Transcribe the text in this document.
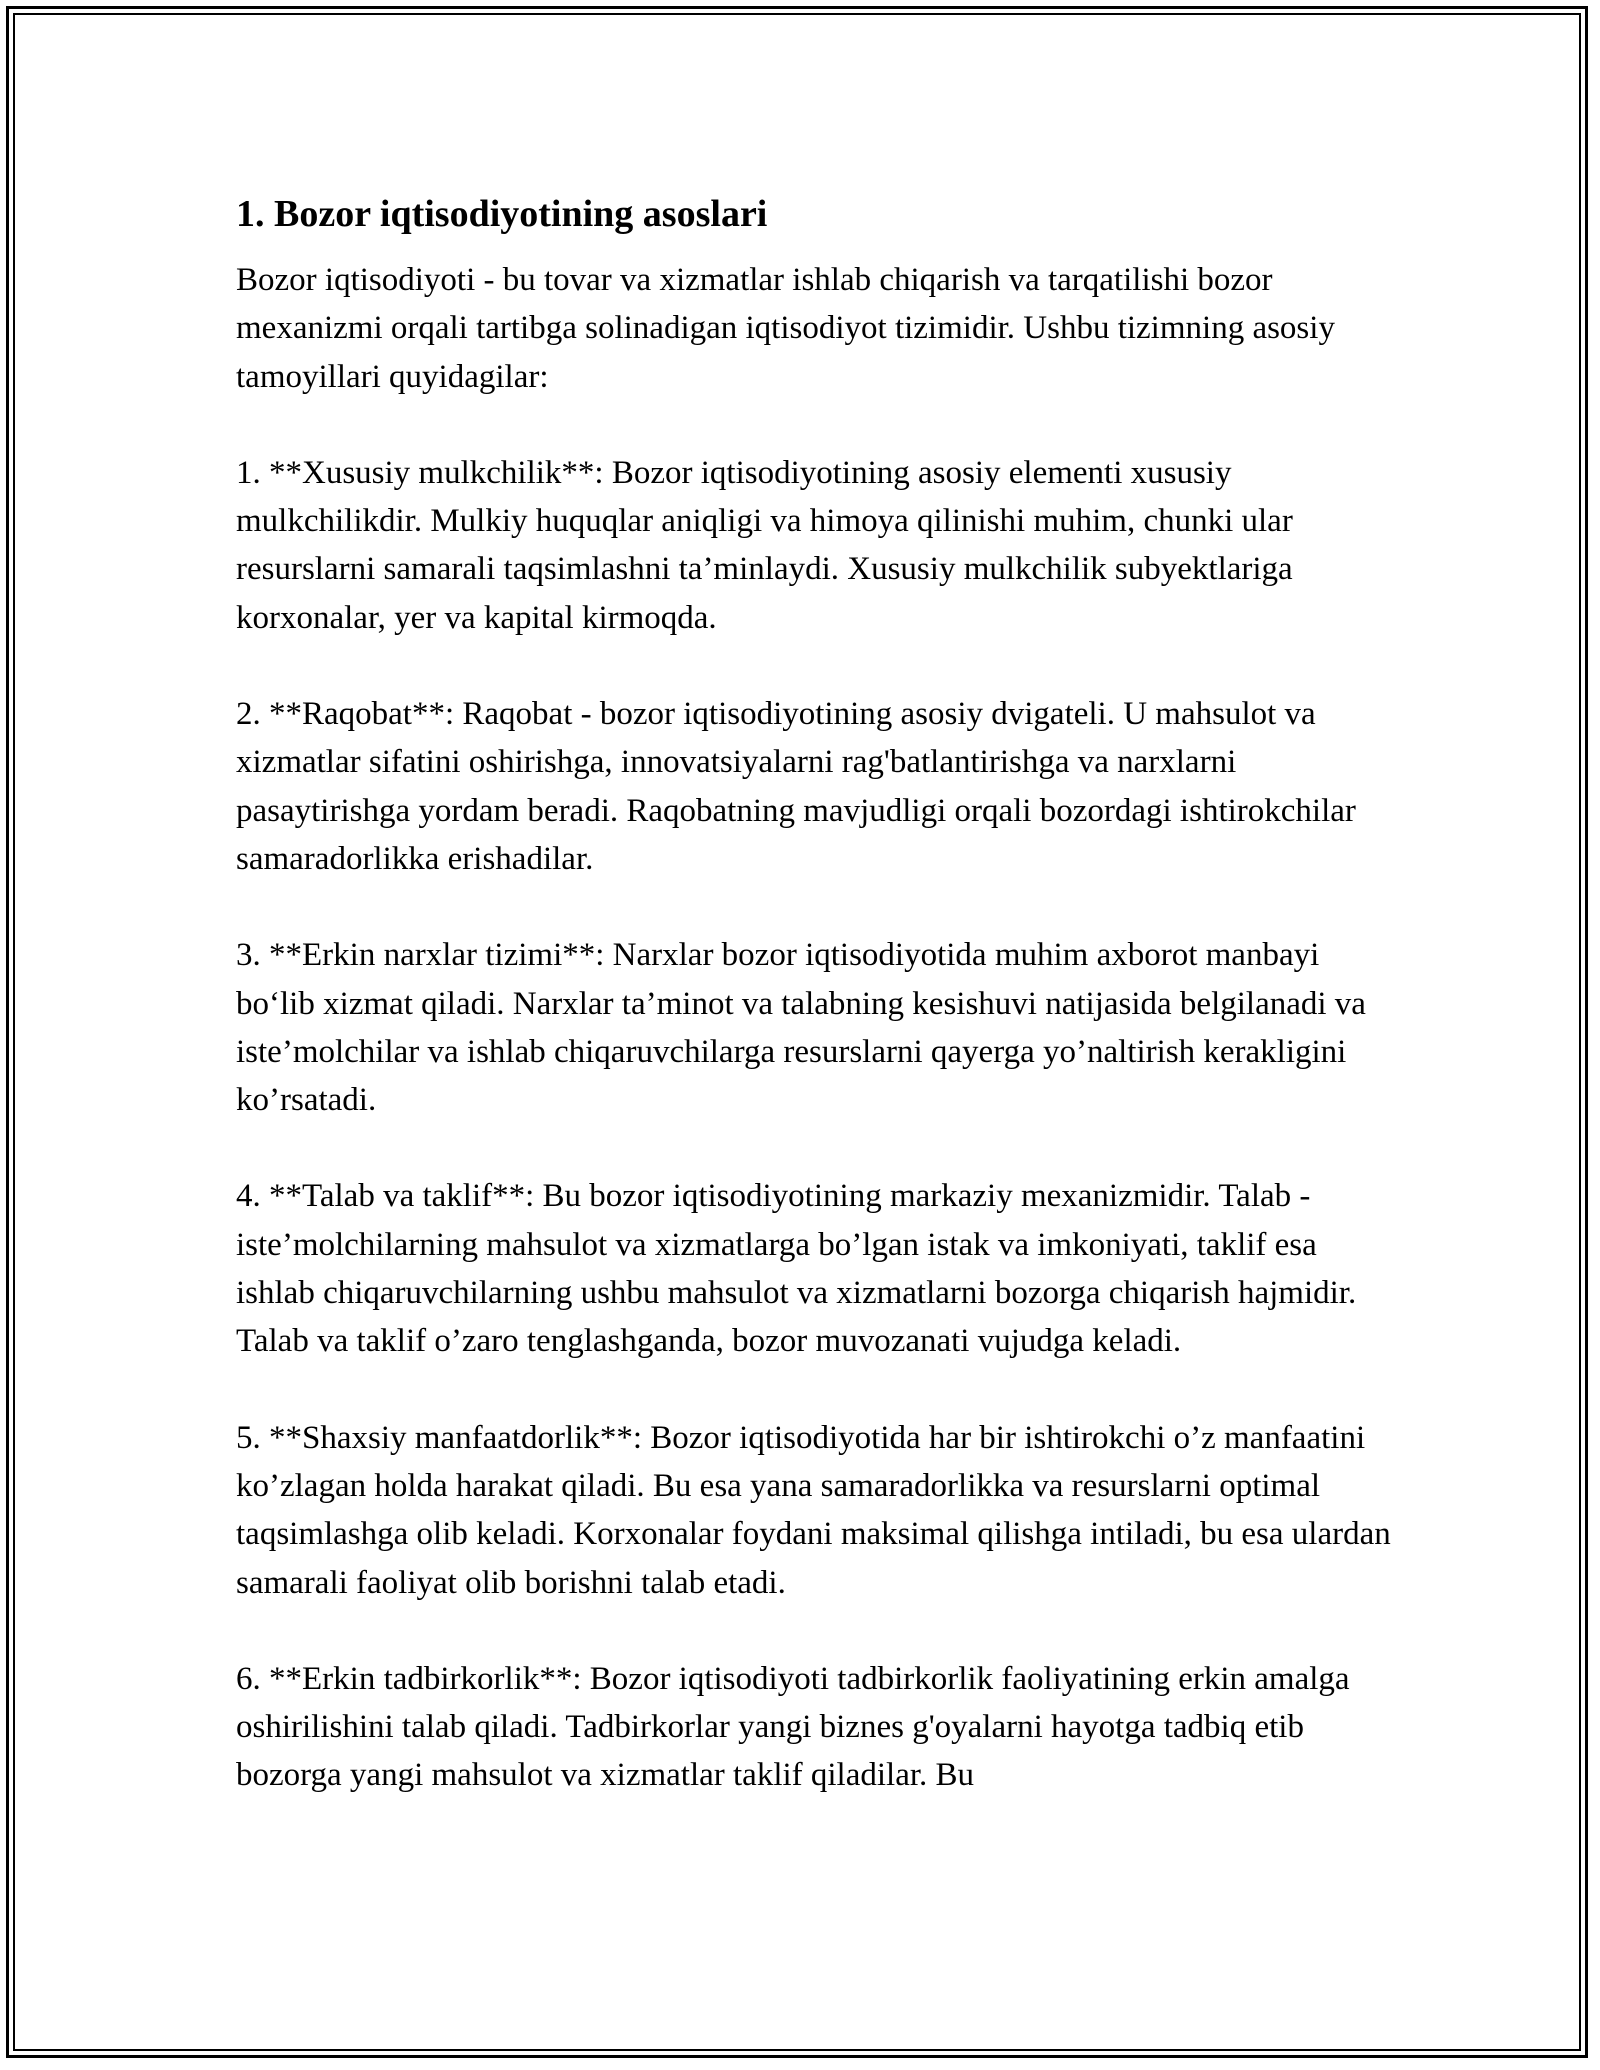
1. Bozor iqtisodiyotining asoslari

Bozor iqtisodiyoti - bu tovar va xizmatlar ishlab chiqarish va tarqatilishi bozor mexanizmi orqali tartibga solinadigan iqtisodiyot tizimidir. Ushbu tizimning asosiy tamoyillari quyidagilar:

1. **Xususiy mulkchilik**: Bozor iqtisodiyotining asosiy elementi xususiy mulkchilikdir. Mulkiy huquqlar aniqligi va himoya qilinishi muhim, chunki ular resurslarni samarali taqsimlashni ta’minlaydi. Xususiy mulkchilik subyektlariga korxonalar, yer va kapital kirmoqda.

2. **Raqobat**: Raqobat - bozor iqtisodiyotining asosiy dvigateli. U mahsulot va xizmatlar sifatini oshirishga, innovatsiyalarni rag'batlantirishga va narxlarni pasaytirishga yordam beradi. Raqobatning mavjudligi orqali bozordagi ishtirokchilar samaradorlikka erishadilar.

3. **Erkin narxlar tizimi**: Narxlar bozor iqtisodiyotida muhim axborot manbayi bo‘lib xizmat qiladi. Narxlar ta’minot va talabning kesishuvi natijasida belgilanadi va iste’molchilar va ishlab chiqaruvchilarga resurslarni qayerga yo’naltirish kerakligini ko’rsatadi.

4. **Talab va taklif**: Bu bozor iqtisodiyotining markaziy mexanizmidir. Talab - iste’molchilarning mahsulot va xizmatlarga bo’lgan istak va imkoniyati, taklif esa ishlab chiqaruvchilarning ushbu mahsulot va xizmatlarni bozorga chiqarish hajmidir. Talab va taklif o’zaro tenglashganda, bozor muvozanati vujudga keladi.

5. **Shaxsiy manfaatdorlik**: Bozor iqtisodiyotida har bir ishtirokchi o’z manfaatini ko’zlagan holda harakat qiladi. Bu esa yana samaradorlikka va resurslarni optimal taqsimlashga olib keladi. Korxonalar foydani maksimal qilishga intiladi, bu esa ulardan samarali faoliyat olib borishni talab etadi.

6. **Erkin tadbirkorlik**: Bozor iqtisodiyoti tadbirkorlik faoliyatining erkin amalga oshirilishini talab qiladi. Tadbirkorlar yangi biznes g'oyalarni hayotga tadbiq etib bozorga yangi mahsulot va xizmatlar taklif qiladilar. Bu
